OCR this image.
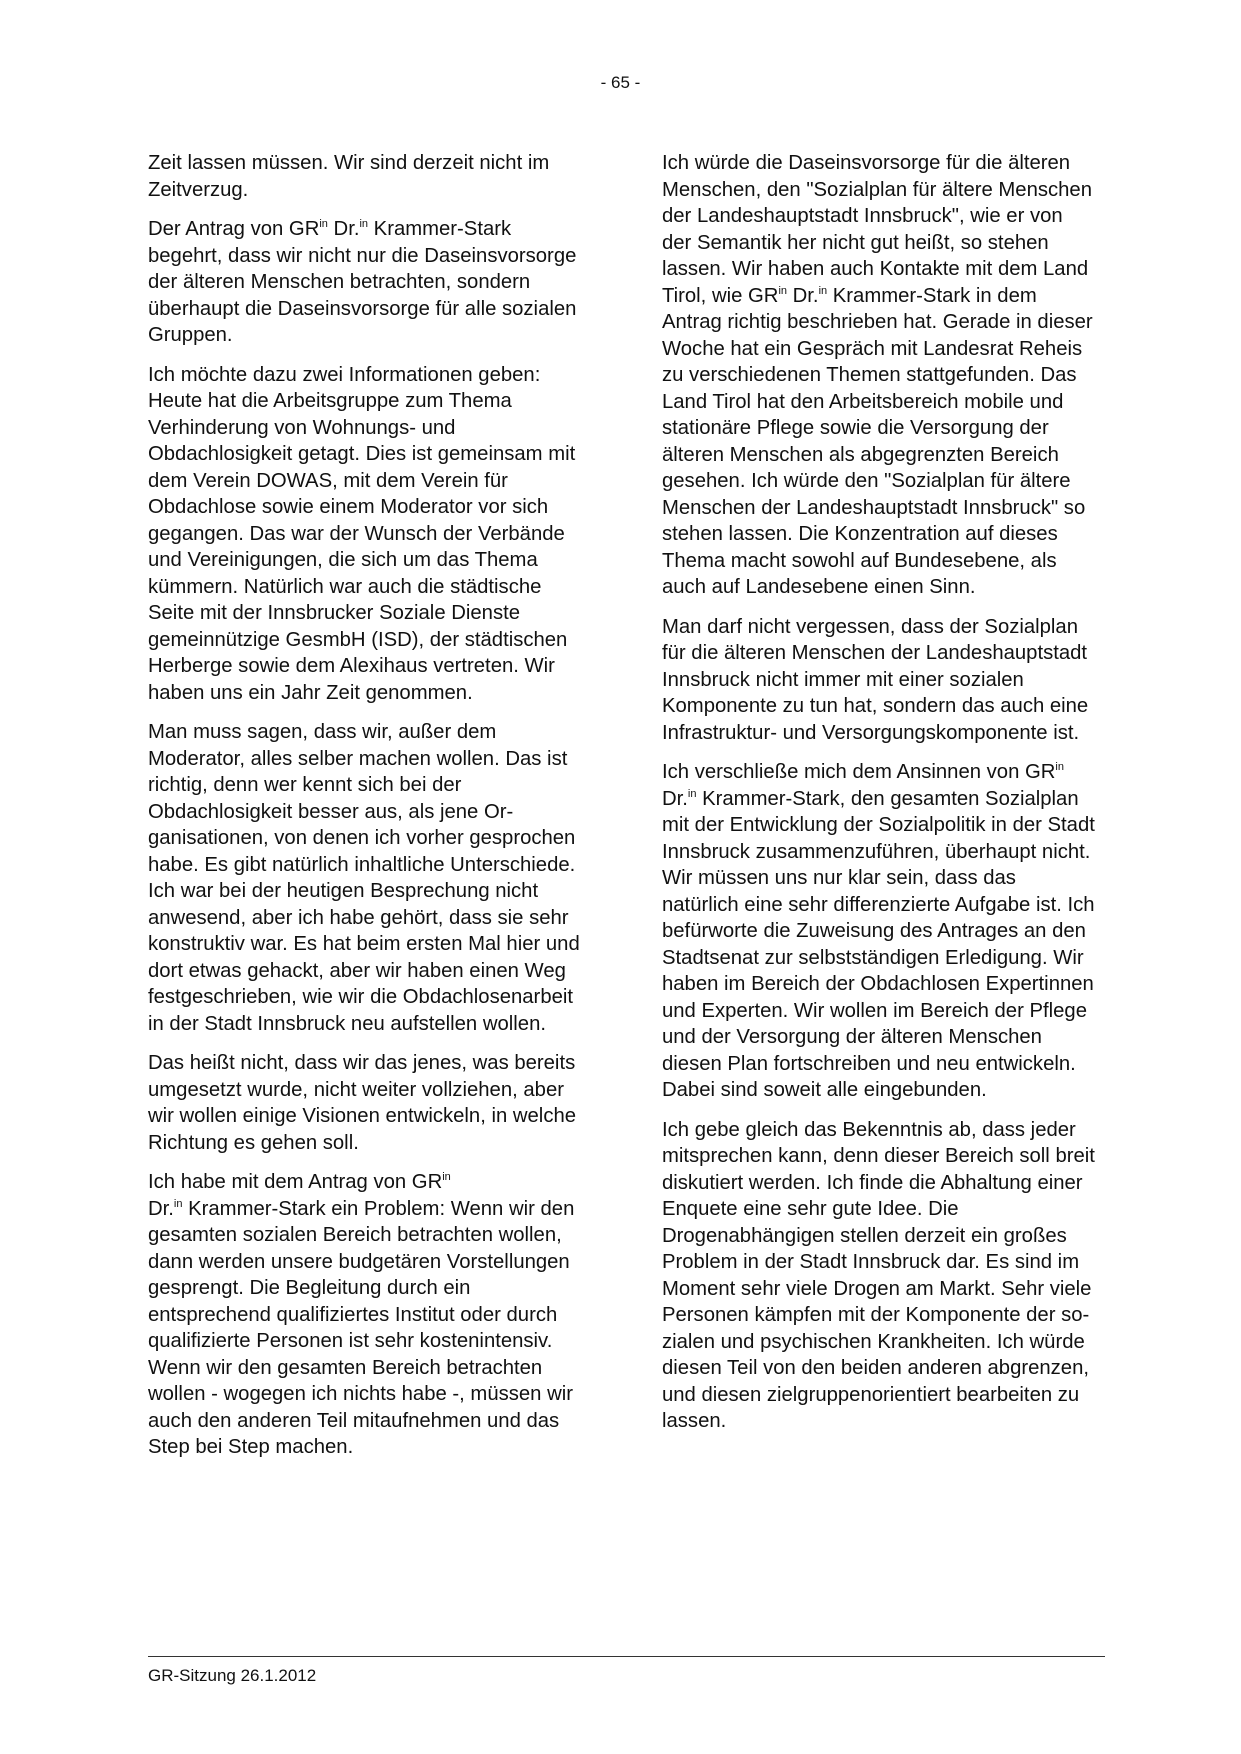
- 65 -

Zeit lassen müssen. Wir sind derzeit nicht im Zeitverzug.

Der Antrag von $GR^{in}$ Dr.$^{in}$ Krammer-Stark begehrt, dass wir nicht nur die Daseinsvorsorge der älteren Menschen betrachten, sondern überhaupt die Daseinsvorsorge für alle sozialen Gruppen.

Ich möchte dazu zwei Informationen geben: Heute hat die Arbeitsgruppe zum Thema Verhinderung von Wohnungs- und Obdachlosigkeit getagt. Dies ist gemeinsam mit dem Verein DOWAS, mit dem Verein für Obdachlose sowie einem Moderator vor sich gegangen. Das war der Wunsch der Verbände und Vereinigungen, die sich um das Thema kümmern. Natürlich war auch die städtische Seite mit der Innsbrucker Soziale Dienste gemeinnützige GesmbH (ISD), der städtischen Herberge sowie dem Alexihaus vertreten. Wir haben uns ein Jahr Zeit genommen.

Man muss sagen, dass wir, außer dem Moderator, alles selber machen wollen. Das ist richtig, denn wer kennt sich bei der Obdachlosigkeit besser aus, als jene Organisationen, von denen ich vorher gesprochen habe. Es gibt natürlich inhaltliche Unterschiede. Ich war bei der heutigen Besprechung nicht anwesend, aber ich habe gehört, dass sie sehr konstruktiv war. Es hat beim ersten Mal hier und dort etwas gehackt, aber wir haben einen Weg festgeschrieben, wie wir die Obdachlosenarbeit in der Stadt Innsbruck neu aufstellen wollen.

Das heißt nicht, dass wir das jenes, was bereits umgesetzt wurde, nicht weiter vollziehen, aber wir wollen einige Visionen entwickeln, in welche Richtung es gehen soll.

Ich habe mit dem Antrag von $GR^{in}$
Dr.$^{in}$ Krammer-Stark ein Problem: Wenn wir den gesamten sozialen Bereich betrachten wollen, dann werden unsere budgetären Vorstellungen gesprengt. Die Begleitung durch ein entsprechend qualifiziertes Institut oder durch qualifizierte Personen ist sehr kostenintensiv. Wenn wir den gesamten Bereich betrachten wollen - wogegen ich nichts habe -, müssen wir auch den anderen Teil mitaufnehmen und das Step bei Step machen.

Ich würde die Daseinsvorsorge für die älteren Menschen, den "Sozialplan für ältere Menschen der Landeshauptstadt Innsbruck", wie er von der Semantik her nicht gut heißt, so stehen lassen. Wir haben auch Kontakte mit dem Land Tirol, wie $GR^{in}$ Dr.$^{in}$ Krammer-Stark in dem Antrag richtig beschrieben hat. Gerade in dieser Woche hat ein Gespräch mit Landesrat Reheis zu verschiedenen Themen stattgefunden. Das Land Tirol hat den Arbeitsbereich mobile und stationäre Pflege sowie die Versorgung der älteren Menschen als abgegrenzten Bereich gesehen. Ich würde den "Sozialplan für ältere Menschen der Landeshauptstadt Innsbruck" so stehen lassen. Die Konzentration auf dieses Thema macht sowohl auf Bundesebene, als auch auf Landesebene einen Sinn.

Man darf nicht vergessen, dass der Sozialplan für die älteren Menschen der Landeshauptstadt Innsbruck nicht immer mit einer sozialen Komponente zu tun hat, sondern das auch eine Infrastruktur- und Versorgungskomponente ist.

Ich verschließe mich dem Ansinnen von $GR^{in}$ Dr.$^{in}$ Krammer-Stark, den gesamten Sozialplan mit der Entwicklung der Sozialpolitik in der Stadt Innsbruck zusammenzuführen, überhaupt nicht. Wir müssen uns nur klar sein, dass das natürlich eine sehr differenzierte Aufgabe ist. Ich befürworte die Zuweisung des Antrages an den Stadtsenat zur selbstständigen Erledigung. Wir haben im Bereich der Obdachlosen Expertinnen und Experten. Wir wollen im Bereich der Pflege und der Versorgung der älteren Menschen diesen Plan fortschreiben und neu entwickeln. Dabei sind soweit alle eingebunden.

Ich gebe gleich das Bekenntnis ab, dass jeder mitsprechen kann, denn dieser Bereich soll breit diskutiert werden. Ich finde die Abhaltung einer Enquete eine sehr gute Idee. Die Drogenabhängigen stellen derzeit ein großes Problem in der Stadt Innsbruck dar. Es sind im Moment sehr viele Drogen am Markt. Sehr viele Personen kämpfen mit der Komponente der sozialen und psychischen Krankheiten. Ich würde diesen Teil von den beiden anderen abgrenzen, und diesen zielgruppenorientiert bearbeiten zu lassen.

GR-Sitzung 26.1.2012
